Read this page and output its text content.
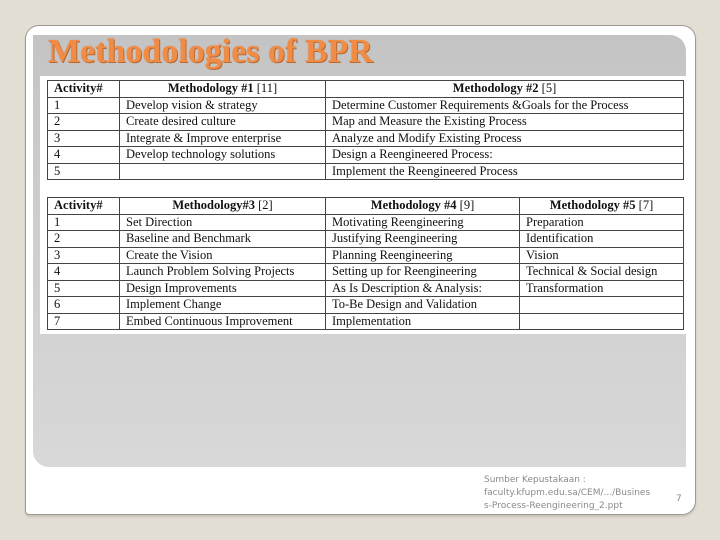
Methodologies of BPR
Activity#	Methodology #1 [11]	Methodology #2 [5]
1	Develop vision & strategy	Determine Customer Requirements &Goals for the Process
2	Create desired culture	Map and Measure the Existing Process
3	Integrate & Improve enterprise	Analyze and Modify Existing Process
4	Develop technology solutions	Design a Reengineered Process:
5		Implement the Reengineered Process
Activity#	Methodology#3 [2]	Methodology #4 [9]	Methodology #5 [7]
1	Set Direction	Motivating Reengineering	Preparation
2	Baseline and Benchmark	Justifying Reengineering	Identification
3	Create the Vision	Planning Reengineering	Vision
4	Launch Problem Solving Projects	Setting up for Reengineering	Technical & Social design
5	Design Improvements	As Is Description & Analysis:	Transformation
6	Implement Change	To-Be Design and Validation	
7	Embed Continuous Improvement	Implementation	
Sumber Kepustakaan :
faculty.kfupm.edu.sa/CEM/.../Busines
s-Process-Reengineering_2.ppt
7
